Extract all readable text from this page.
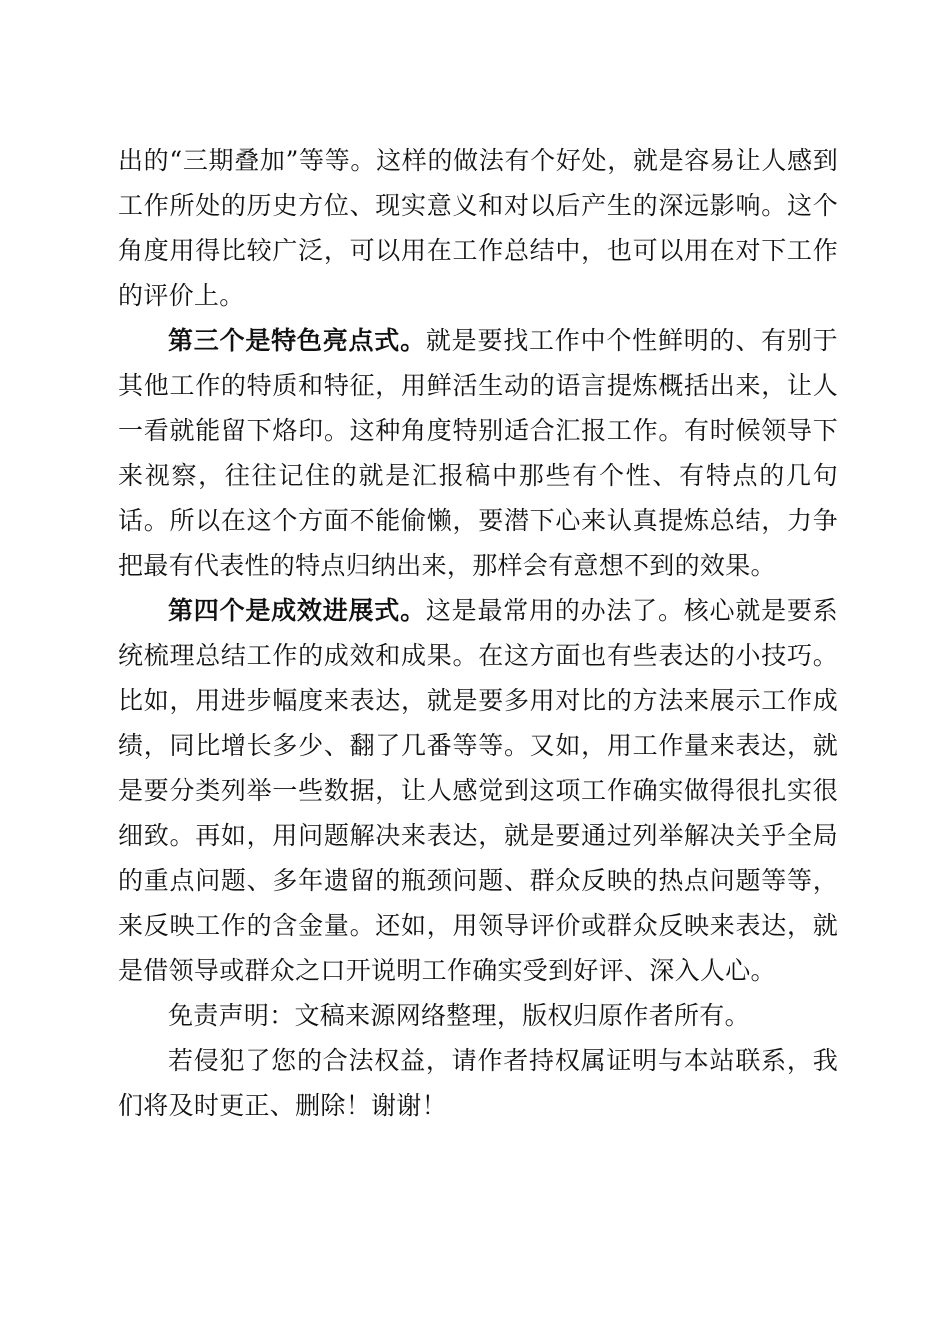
出的“三期叠加”等等。这样的做法有个好处，就是容易让人感到工作所处的历史方位、现实意义和对以后产生的深远影响。这个角度用得比较广泛，可以用在工作总结中，也可以用在对下工作的评价上。

第三个是特色亮点式。就是要找工作中个性鲜明的、有别于其他工作的特质和特征，用鲜活生动的语言提炼概括出来，让人一看就能留下烙印。这种角度特别适合汇报工作。有时候领导下来视察，往往记住的就是汇报稿中那些有个性、有特点的几句话。所以在这个方面不能偷懒，要潜下心来认真提炼总结，力争把最有代表性的特点归纳出来，那样会有意想不到的效果。

第四个是成效进展式。这是最常用的办法了。核心就是要系统梳理总结工作的成效和成果。在这方面也有些表达的小技巧。比如，用进步幅度来表达，就是要多用对比的方法来展示工作成绩，同比增长多少、翻了几番等等。又如，用工作量来表达，就是要分类列举一些数据，让人感觉到这项工作确实做得很扎实很细致。再如，用问题解决来表达，就是要通过列举解决关乎全局的重点问题、多年遗留的瓶颈问题、群众反映的热点问题等等，来反映工作的含金量。还如，用领导评价或群众反映来表达，就是借领导或群众之口开说明工作确实受到好评、深入人心。

免责声明：文稿来源网络整理，版权归原作者所有。

若侵犯了您的合法权益，请作者持权属证明与本站联系，我们将及时更正、删除！谢谢！
